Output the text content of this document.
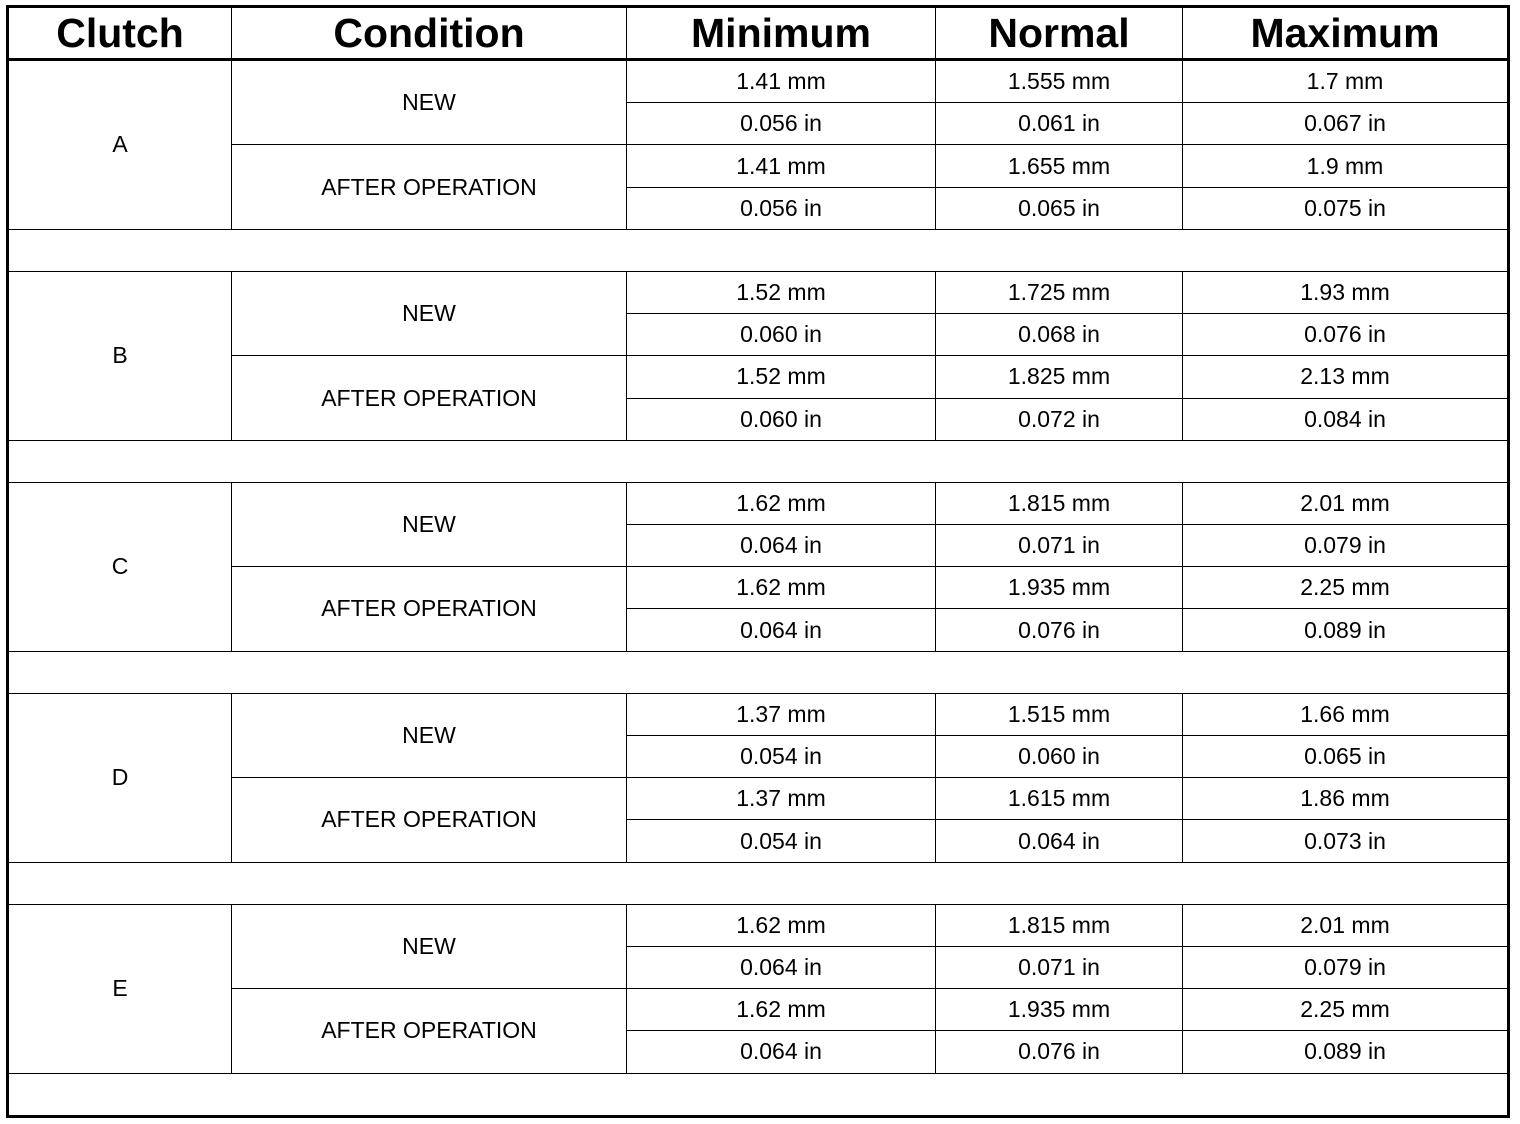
Clutch	Condition	Minimum	Normal	Maximum
A	NEW	1.41 mm	1.555 mm	1.7 mm
		0.056 in	0.061 in	0.067 in
	AFTER OPERATION	1.41 mm	1.655 mm	1.9 mm
		0.056 in	0.065 in	0.075 in

B	NEW	1.52 mm	1.725 mm	1.93 mm
		0.060 in	0.068 in	0.076 in
	AFTER OPERATION	1.52 mm	1.825 mm	2.13 mm
		0.060 in	0.072 in	0.084 in

C	NEW	1.62 mm	1.815 mm	2.01 mm
		0.064 in	0.071 in	0.079 in
	AFTER OPERATION	1.62 mm	1.935 mm	2.25 mm
		0.064 in	0.076 in	0.089 in

D	NEW	1.37 mm	1.515 mm	1.66 mm
		0.054 in	0.060 in	0.065 in
	AFTER OPERATION	1.37 mm	1.615 mm	1.86 mm
		0.054 in	0.064 in	0.073 in

E	NEW	1.62 mm	1.815 mm	2.01 mm
		0.064 in	0.071 in	0.079 in
	AFTER OPERATION	1.62 mm	1.935 mm	2.25 mm
		0.064 in	0.076 in	0.089 in
